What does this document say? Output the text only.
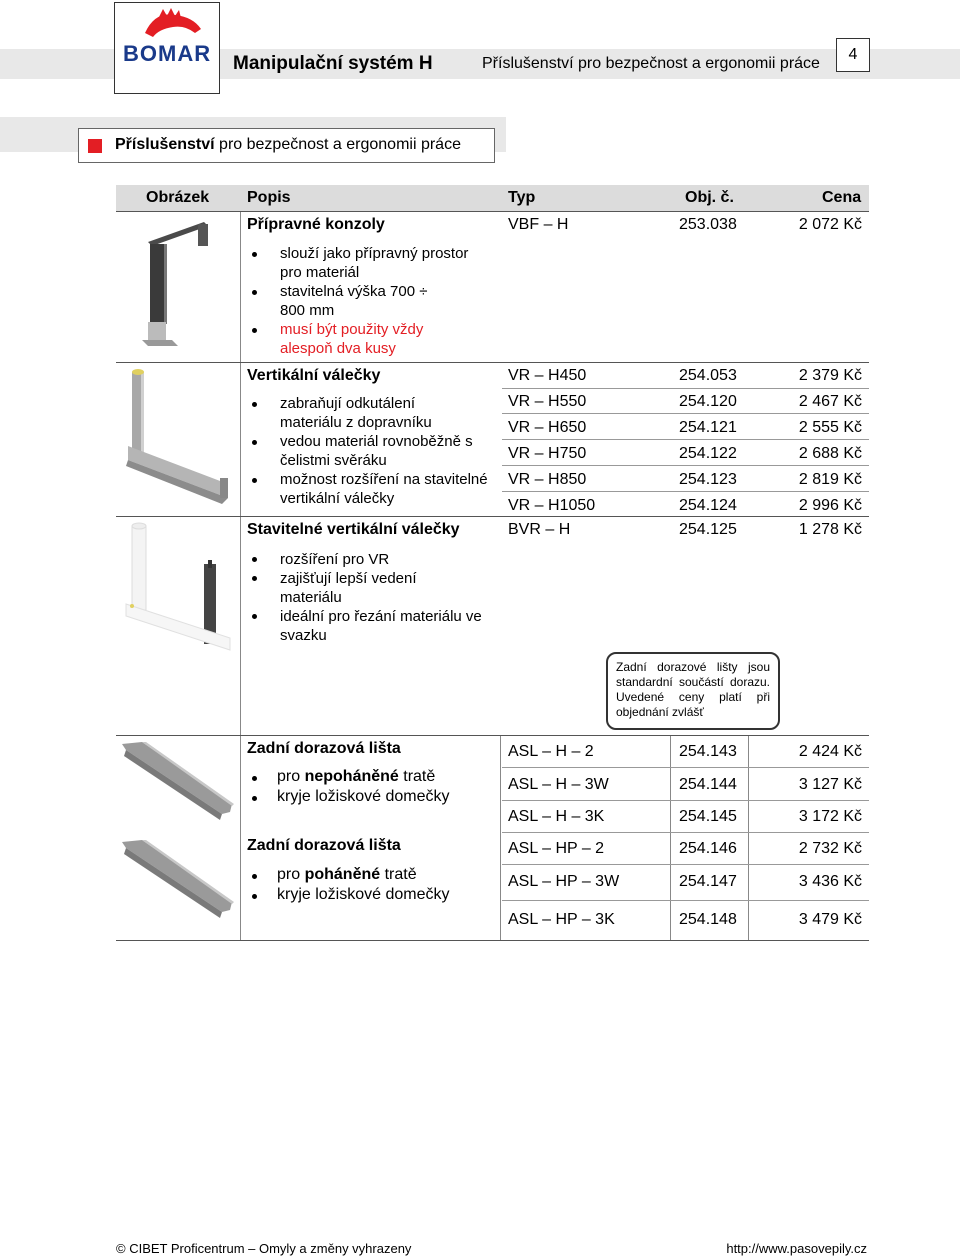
BOMAR Manipulační systém H	Příslušenství pro bezpečnost a ergonomii práce
4
Příslušenství pro bezpečnost a ergonomii práce
Obrázek Popis	Typ	Obj. č.	Cena
Přípravné konzoly
slouží jako přípravný prostor pro materiál
stavitelná výška 700 ÷ 800 mm
musí být použity vždy alespoň dva kusy
VBF – H	253.038	2 072 Kč
Vertikální válečky
zabraňují odkutálení materiálu z dopravníku
vedou materiál rovnoběžně s čelistmi svěráku
možnost rozšíření na stavitelné vertikální válečky
VR – H450	254.053	2 379 Kč
VR – H550	254.120	2 467 Kč
VR – H650	254.121	2 555 Kč
VR – H750	254.122	2 688 Kč
VR – H850	254.123	2 819 Kč
VR – H1050	254.124	2 996 Kč
Stavitelné vertikální válečky
rozšíření pro VR
zajišťují lepší vedení materiálu
ideální pro řezání materiálu ve svazku
BVR – H	254.125	1 278 Kč
Zadní dorazové lišty jsou standardní součástí dorazu. Uvedené ceny platí při objednání zvlášť
Zadní dorazová lišta
pro nepoháněné tratě
kryje ložiskové domečky
ASL – H – 2	254.143	2 424 Kč
ASL – H – 3W	254.144	3 127 Kč
ASL – H – 3K	254.145	3 172 Kč
Zadní dorazová lišta
pro poháněné tratě
kryje ložiskové domečky
ASL – HP – 2	254.146	2 732 Kč
ASL – HP – 3W	254.147	3 436 Kč
ASL – HP – 3K	254.148	3 479 Kč
© CIBET Proficentrum – Omyly a změny vyhrazeny	http://www.pasovepily.cz
